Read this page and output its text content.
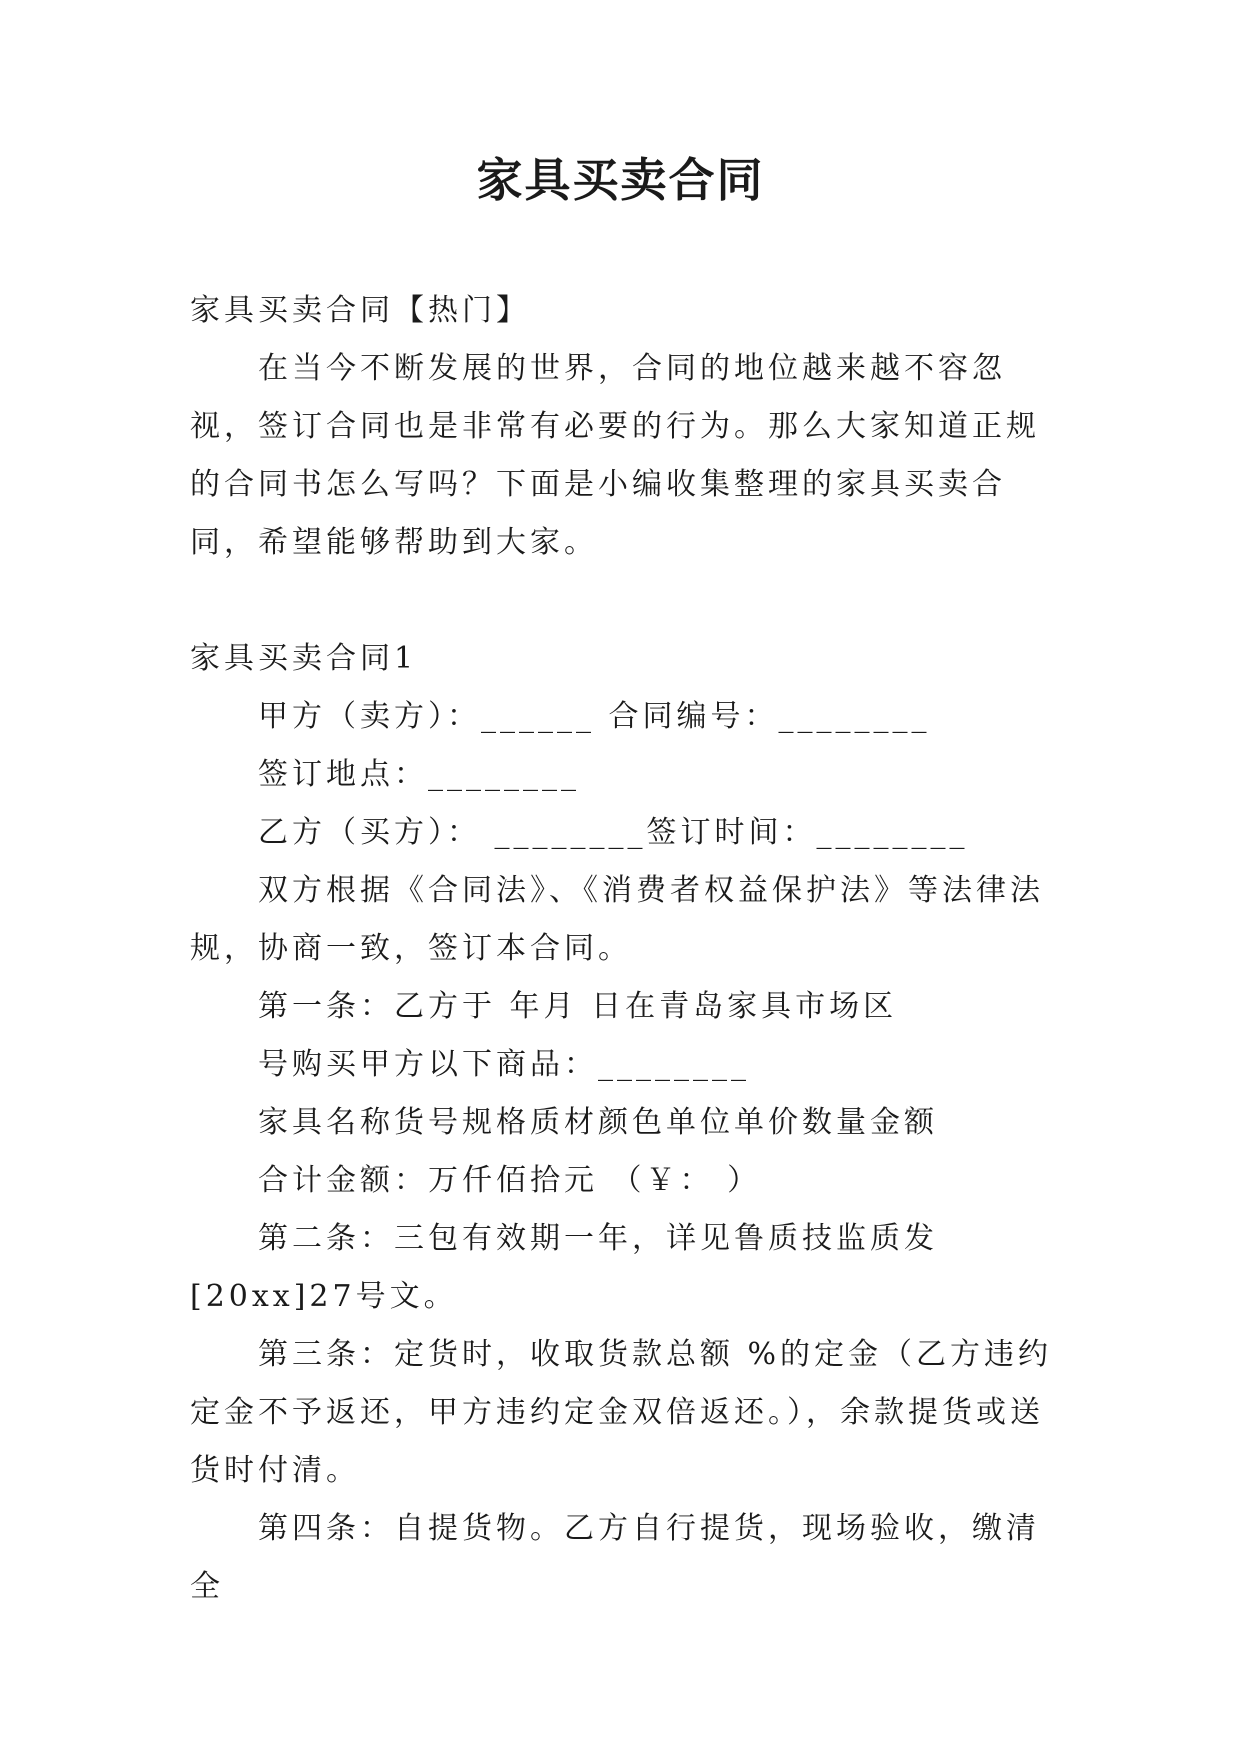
家具买卖合同

家具买卖合同【热门】

在当今不断发展的世界，合同的地位越来越不容忽视，签订合同也是非常有必要的行为。那么大家知道正规的合同书怎么写吗？下面是小编收集整理的家具买卖合同，希望能够帮助到大家。

家具买卖合同1

甲方（卖方）：______ 合同编号：________

签订地点：________

乙方（买方）： ________签订时间：________

双方根据《合同法》、《消费者权益保护法》等法律法规，协商一致，签订本合同。

第一条：乙方于 年月 日在青岛家具市场区

号购买甲方以下商品：________

家具名称货号规格质材颜色单位单价数量金额

合计金额：万仟佰拾元 （￥： ）

第二条：三包有效期一年，详见鲁质技监质发[20xx]27号文。

第三条：定货时，收取货款总额 %的定金（乙方违约定金不予返还，甲方违约定金双倍返还。），余款提货或送货时付清。

第四条：自提货物。乙方自行提货，现场验收，缴清全
